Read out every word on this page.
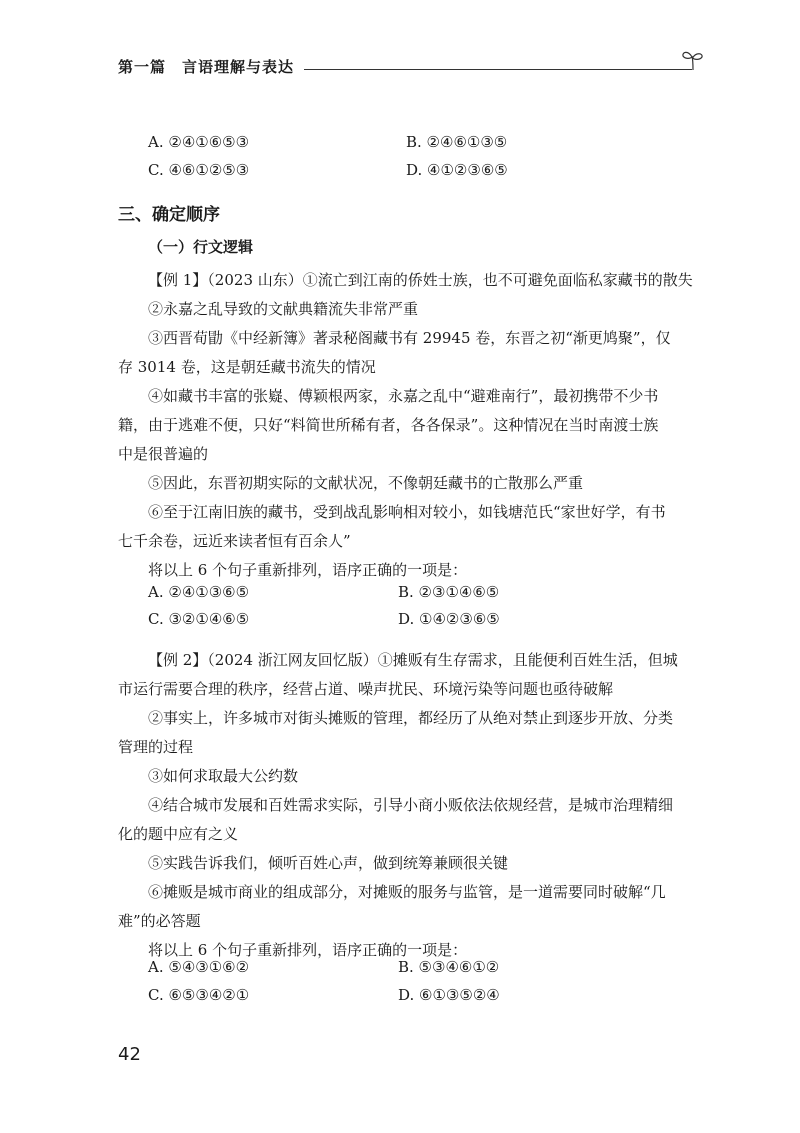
第一篇　言语理解与表达
A. ②④①⑥⑤③	B. ②④⑥①③⑤
C. ④⑥①②⑤③	D. ④①②③⑥⑤
三、确定顺序
（一）行文逻辑
【例 1】（2023 山东）①流亡到江南的侨姓士族，也不可避免面临私家藏书的散失
②永嘉之乱导致的文献典籍流失非常严重
③西晋荀勖《中经新簿》著录秘阁藏书有 29945 卷，东晋之初“渐更鸠聚”，仅
存 3014 卷，这是朝廷藏书流失的情况
④如藏书丰富的张嶷、傅颖根两家，永嘉之乱中“避难南行”，最初携带不少书
籍，由于逃难不便，只好“料简世所稀有者，各各保录”。这种情况在当时南渡士族
中是很普遍的
⑤因此，东晋初期实际的文献状况，不像朝廷藏书的亡散那么严重
⑥至于江南旧族的藏书，受到战乱影响相对较小，如钱塘范氏“家世好学，有书
七千余卷，远近来读者恒有百余人”
将以上 6 个句子重新排列，语序正确的一项是：
A. ②④①③⑥⑤	B. ②③①④⑥⑤
C. ③②①④⑥⑤	D. ①④②③⑥⑤
【例 2】（2024 浙江网友回忆版）①摊贩有生存需求，且能便利百姓生活，但城
市运行需要合理的秩序，经营占道、噪声扰民、环境污染等问题也亟待破解
②事实上，许多城市对街头摊贩的管理，都经历了从绝对禁止到逐步开放、分类
管理的过程
③如何求取最大公约数
④结合城市发展和百姓需求实际，引导小商小贩依法依规经营，是城市治理精细
化的题中应有之义
⑤实践告诉我们，倾听百姓心声，做到统筹兼顾很关键
⑥摊贩是城市商业的组成部分，对摊贩的服务与监管，是一道需要同时破解“几
难”的必答题
将以上 6 个句子重新排列，语序正确的一项是：
A. ⑤④③①⑥②	B. ⑤③④⑥①②
C. ⑥⑤③④②①	D. ⑥①③⑤②④
42
